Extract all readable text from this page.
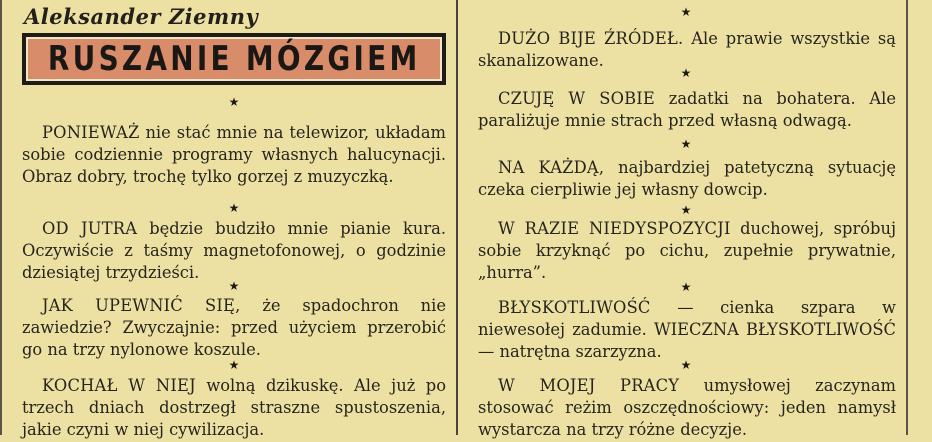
Aleksander Ziemny
RUSZANIE MÓZGIEM
★
PONIEWAŻ nie stać mnie na telewizor, układam sobie codziennie programy własnych halucynacji. Obraz dobry, trochę tylko gorzej z muzyczką.
★
OD JUTRA będzie budziło mnie pianie kura. Oczywiście z taśmy magnetofonowej, o godzinie dziesiątej trzydzieści.
★
JAK UPEWNIĆ SIĘ, że spadochron nie zawiedzie? Zwyczajnie: przed użyciem przerobić go na trzy nylonowe koszule.
★
KOCHAŁ W NIEJ wolną dzikuskę. Ale już po trzech dniach dostrzegł straszne spustoszenia, jakie czyni w niej cywilizacja.
★
DUŻO BIJE ŹRÓDEŁ. Ale prawie wszystkie są skanalizowane.
★
CZUJĘ W SOBIE zadatki na bohatera. Ale paraliżuje mnie strach przed własną odwagą.
★
NA KAŻDĄ, najbardziej patetyczną sytuację czeka cierpliwie jej własny dowcip.
★
W RAZIE NIEDYSPOZYCJI duchowej, spróbuj sobie krzyknąć po cichu, zupełnie prywatnie, „hurra”.
★
BŁYSKOTLIWOŚĆ — cienka szpara w niewesołej zadumie. WIECZNA BŁYSKOTLIWOŚĆ — natrętna szarzyzna.
★
W MOJEJ PRACY umysłowej zaczynam stosować reżim oszczędnościowy: jeden namysł wystarcza na trzy różne decyzje.
